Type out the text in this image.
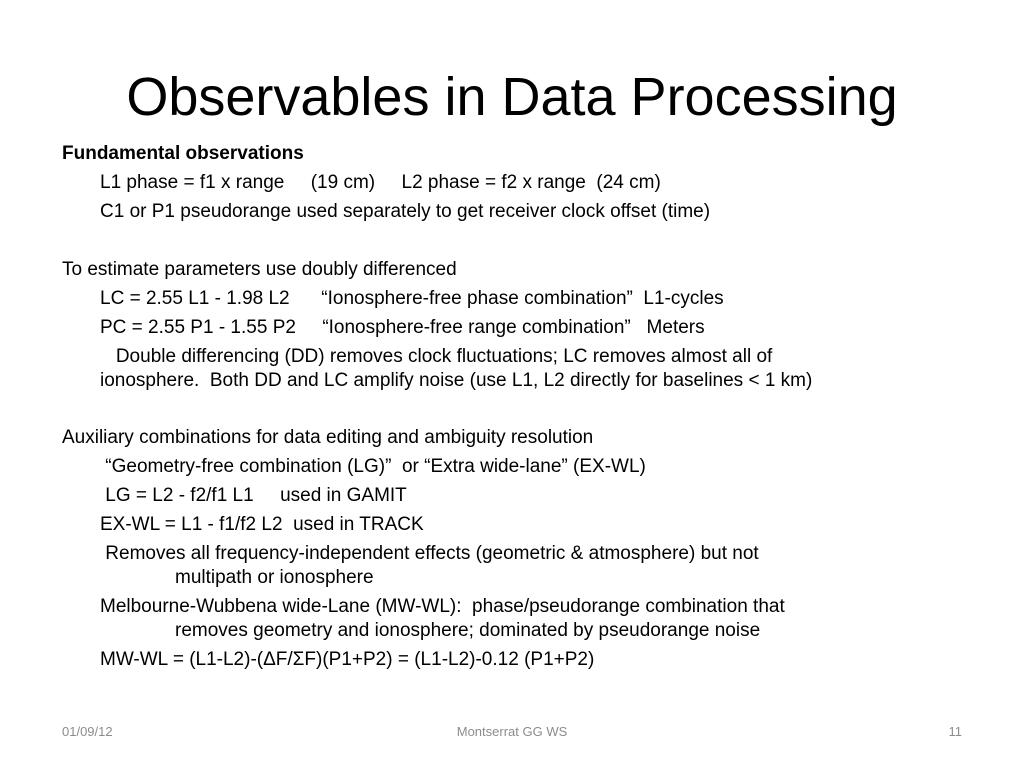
Observables in Data Processing
Fundamental observations
L1 phase = f1 x range     (19 cm)     L2 phase = f2 x range  (24 cm)
C1 or P1 pseudorange used separately to get receiver clock offset (time)
To estimate parameters use doubly differenced
LC = 2.55 L1 - 1.98 L2      “Ionosphere-free phase combination”  L1-cycles
PC = 2.55 P1 - 1.55 P2     “Ionosphere-free range combination”   Meters
Double differencing (DD) removes clock fluctuations; LC removes almost all of
ionosphere.  Both DD and LC amplify noise (use L1, L2 directly for baselines < 1 km)
Auxiliary combinations for data editing and ambiguity resolution
“Geometry-free combination (LG)”  or “Extra wide-lane” (EX-WL)
LG = L2 - f2/f1 L1     used in GAMIT
EX-WL = L1 - f1/f2 L2  used in TRACK
Removes all frequency-independent effects (geometric & atmosphere) but not
multipath or ionosphere
Melbourne-Wubbena wide-Lane (MW-WL):  phase/pseudorange combination that
removes geometry and ionosphere; dominated by pseudorange noise
MW-WL = (L1-L2)-(ΔF/ΣF)(P1+P2) = (L1-L2)-0.12 (P1+P2)
01/09/12	Montserrat GG WS	11
